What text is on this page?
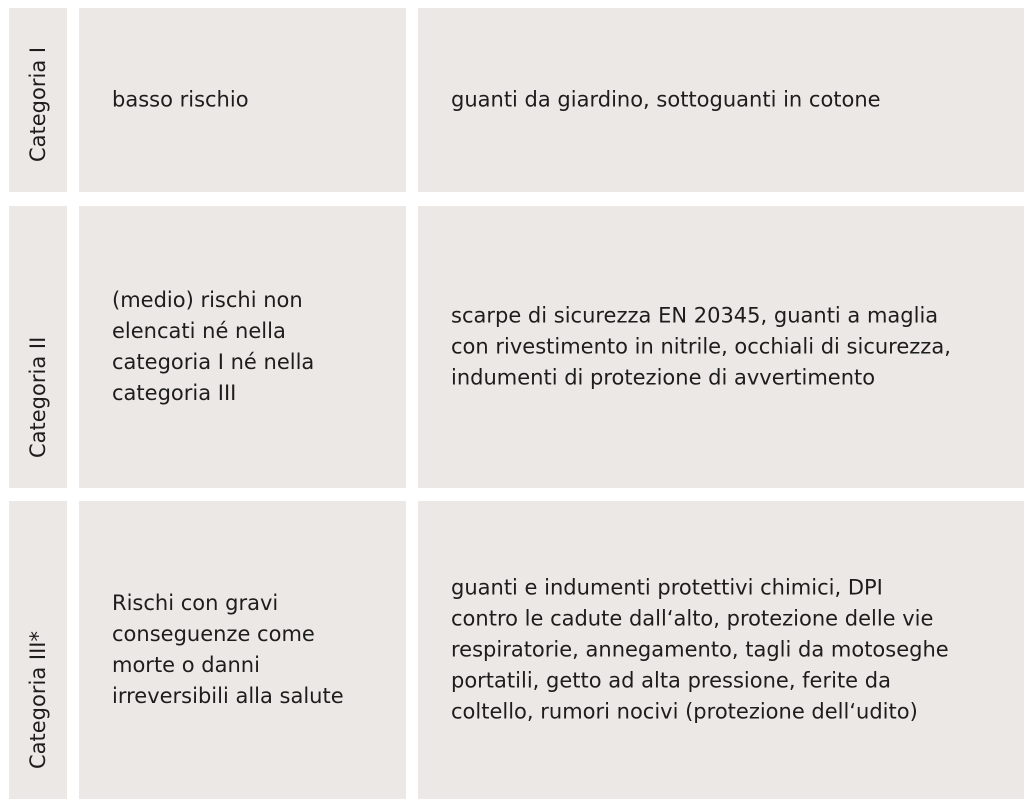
Categoria I	basso rischio	guanti da giardino, sottoguanti in cotone
Categoria II
(medio) rischi non
elencati né nella
categoria I né nella
categoria III
scarpe di sicurezza EN 20345, guanti a maglia
con rivestimento in nitrile, occhiali di sicurezza,
indumenti di protezione di avvertimento
Categoria III*
Rischi con gravi
conseguenze come
morte o danni
irreversibili alla salute
guanti e indumenti protettivi chimici, DPI
contro le cadute dall‘alto, protezione delle vie
respiratorie, annegamento, tagli da motoseghe
portatili, getto ad alta pressione, ferite da
coltello, rumori nocivi (protezione dell‘udito)
